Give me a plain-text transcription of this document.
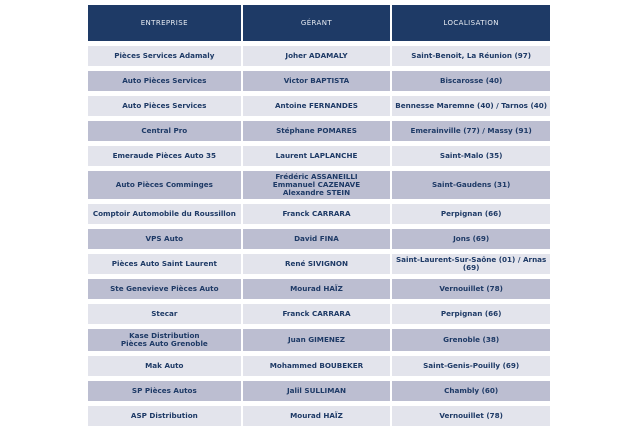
ENTREPRISE	GÉRANT	LOCALISATION

Pièces Services Adamaly	Joher ADAMALY	Saint-Benoit, La Réunion (97)

Auto Pièces Services	Victor BAPTISTA	Biscarosse (40)

Auto Pièces Services	Antoine FERNANDES	Bennesse Maremne (40) / Tarnos (40)

Central Pro	Stéphane POMARES	Emerainville (77) / Massy (91)

Emeraude Pièces Auto 35	Laurent LAPLANCHE	Saint-Malo (35)

Auto Pièces Comminges	Frédéric ASSANEILLI
Emmanuel CAZENAVE
Alexandre STEIN	Saint-Gaudens (31)

Comptoir Automobile du Roussillon	Franck CARRARA	Perpignan (66)

VPS Auto	David FINA	Jons (69)

Pièces Auto Saint Laurent	René SIVIGNON	Saint-Laurent-Sur-Saône (01) / Arnas (69)

Ste Genevieve Pièces Auto	Mourad HAÏZ	Vernouillet (78)

Stecar	Franck CARRARA	Perpignan (66)

Kase Distribution
Pièces Auto Grenoble	Juan GIMENEZ	Grenoble (38)

Mak Auto	Mohammed BOUBEKER	Saint-Genis-Pouilly (69)

SP Pièces Autos	Jalil SULLIMAN	Chambly (60)

ASP Distribution	Mourad HAÏZ	Vernouillet (78)
